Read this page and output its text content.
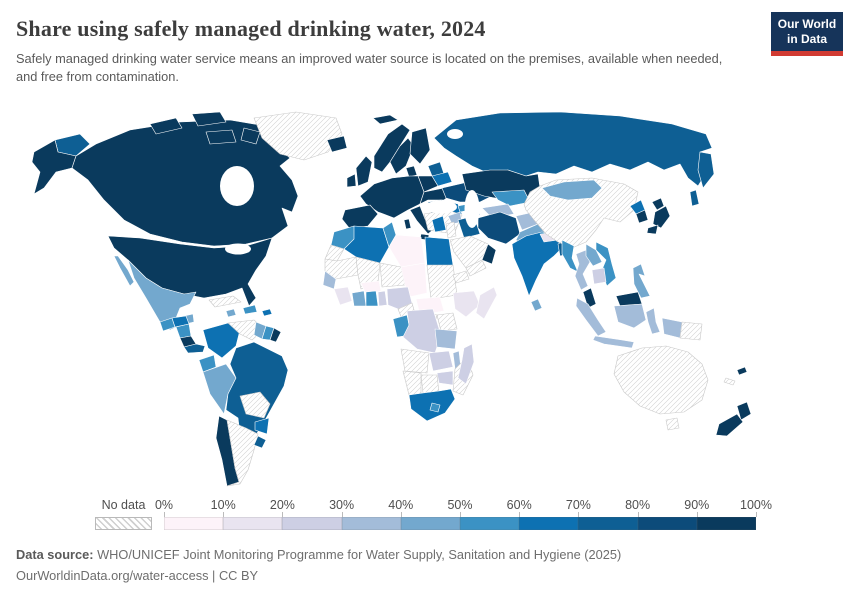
Share using safely managed drinking water, 2024
Safely managed drinking water service means an improved water source is located on the premises, available when needed, and free from contamination.
Our World
in Data
No data 0%	10%	20%	30%	40%	50%	60%	70%	80%	90%	100%
Data source: WHO/UNICEF Joint Monitoring Programme for Water Supply, Sanitation and Hygiene (2025)
OurWorldinData.org/water-access | CC BY
